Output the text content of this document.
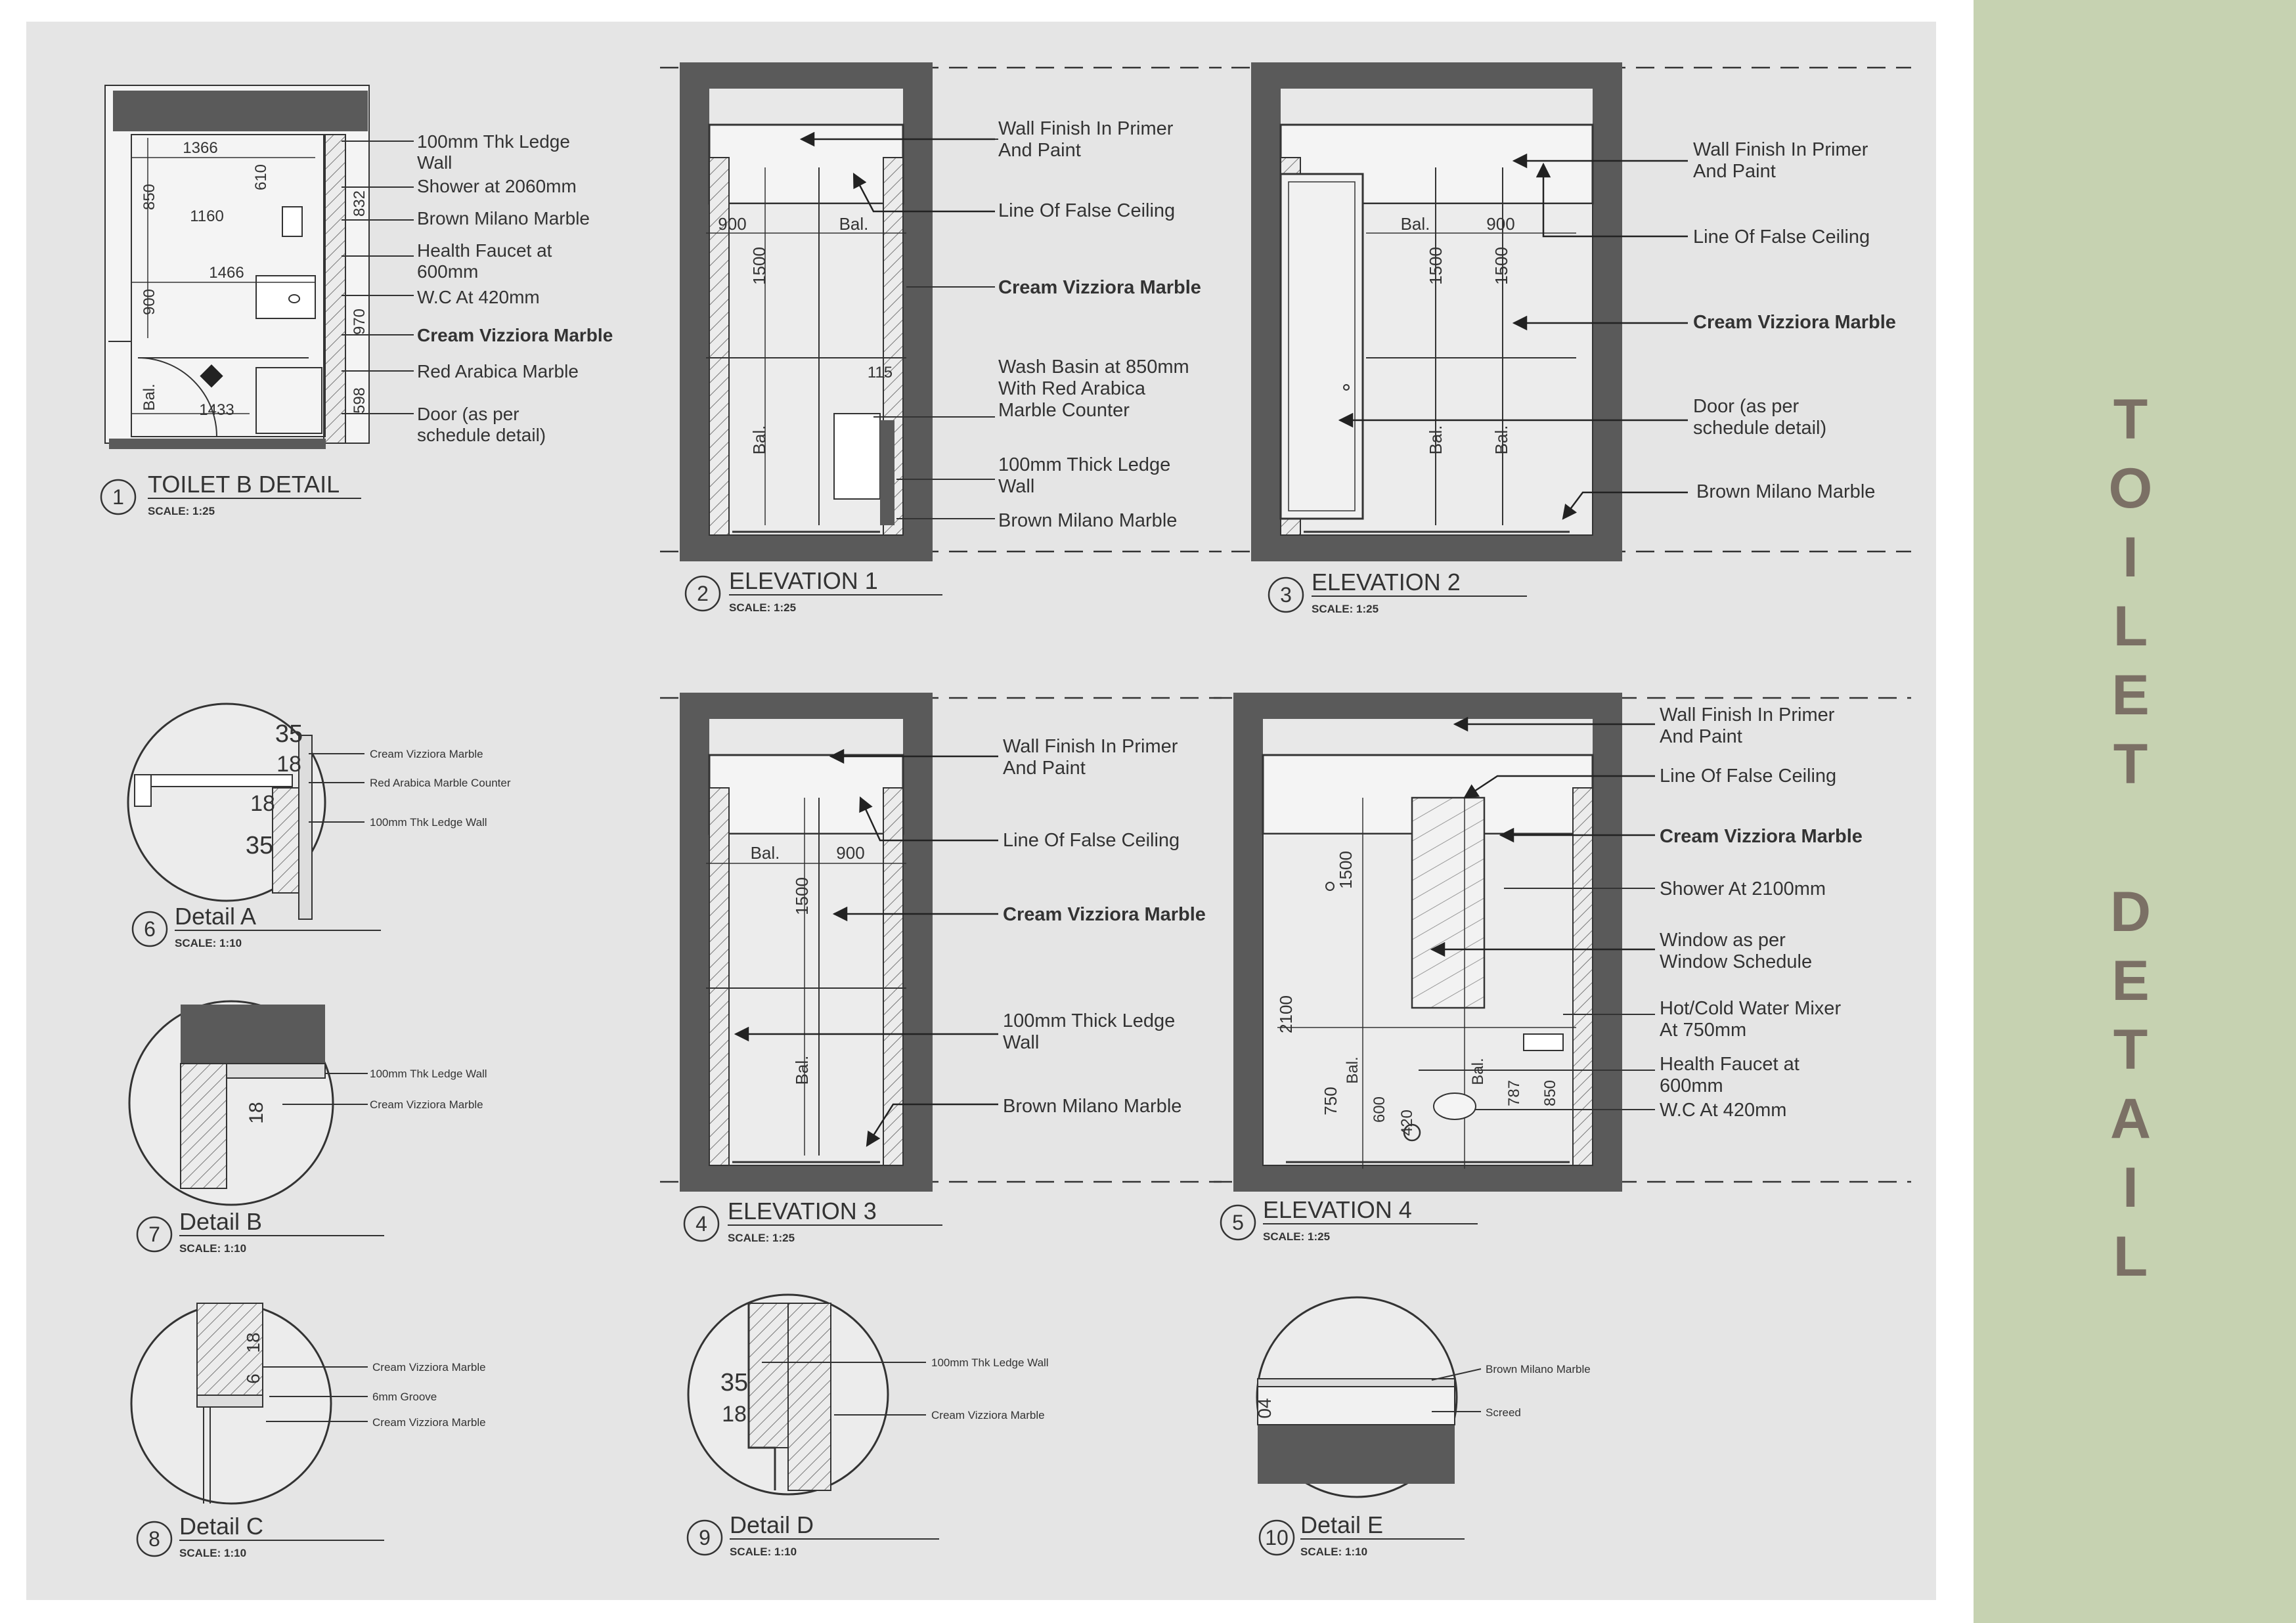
T
O
I
L
E
T
D
E
T
A
I
L
100mm Thk Ledge
Wall
Shower at 2060mm
Brown Milano Marble
Health Faucet at
600mm
W.C At 420mm
Cream Vizziora Marble
Red Arabica Marble
Door (as per
schedule detail)
1366
850
610
832
1160
1466
900
970
598
1433
Bal.
1 TOILET B DETAIL
SCALE: 1:25
900	Bal.
1500
Bal.
115
Wall Finish In Primer
And Paint
Line Of False Ceiling
Cream Vizziora Marble
Wash Basin at 850mm
With Red Arabica
Marble Counter
100mm Thick Ledge
Wall
Brown Milano Marble
2 ELEVATION 1
SCALE: 1:25
Bal.	900
1500	1500
Bal.	Bal.
Wall Finish In Primer
And Paint
Line Of False Ceiling
Cream Vizziora Marble
Door (as per
schedule detail)
Brown Milano Marble
3 ELEVATION 2
SCALE: 1:25
Bal.	900
1500
Bal.
Wall Finish In Primer
And Paint
Line Of False Ceiling
Cream Vizziora Marble
100mm Thick Ledge
Wall
Brown Milano Marble
4 ELEVATION 3
SCALE: 1:25
1500
2100
750
Bal.
600 420
Bal.
787 850
Wall Finish In Primer
And Paint
Line Of False Ceiling
Cream Vizziora Marble
Shower At 2100mm
Window as per
Window Schedule
Hot/Cold Water Mixer
At 750mm
Health Faucet at
600mm
W.C At 420mm
5 ELEVATION 4
SCALE: 1:25
35
18
18
35
Cream Vizziora Marble
Red Arabica Marble Counter
100mm Thk Ledge Wall
6 Detail A
SCALE: 1:10
18
100mm Thk Ledge Wall
Cream Vizziora Marble
7 Detail B
SCALE: 1:10
18
6
Cream Vizziora Marble
6mm Groove
Cream Vizziora Marble
8 Detail C
SCALE: 1:10
35
18
100mm Thk Ledge Wall
Cream Vizziora Marble
9 Detail D
SCALE: 1:10
04
Brown Milano Marble
Screed
10 Detail E
SCALE: 1:10
